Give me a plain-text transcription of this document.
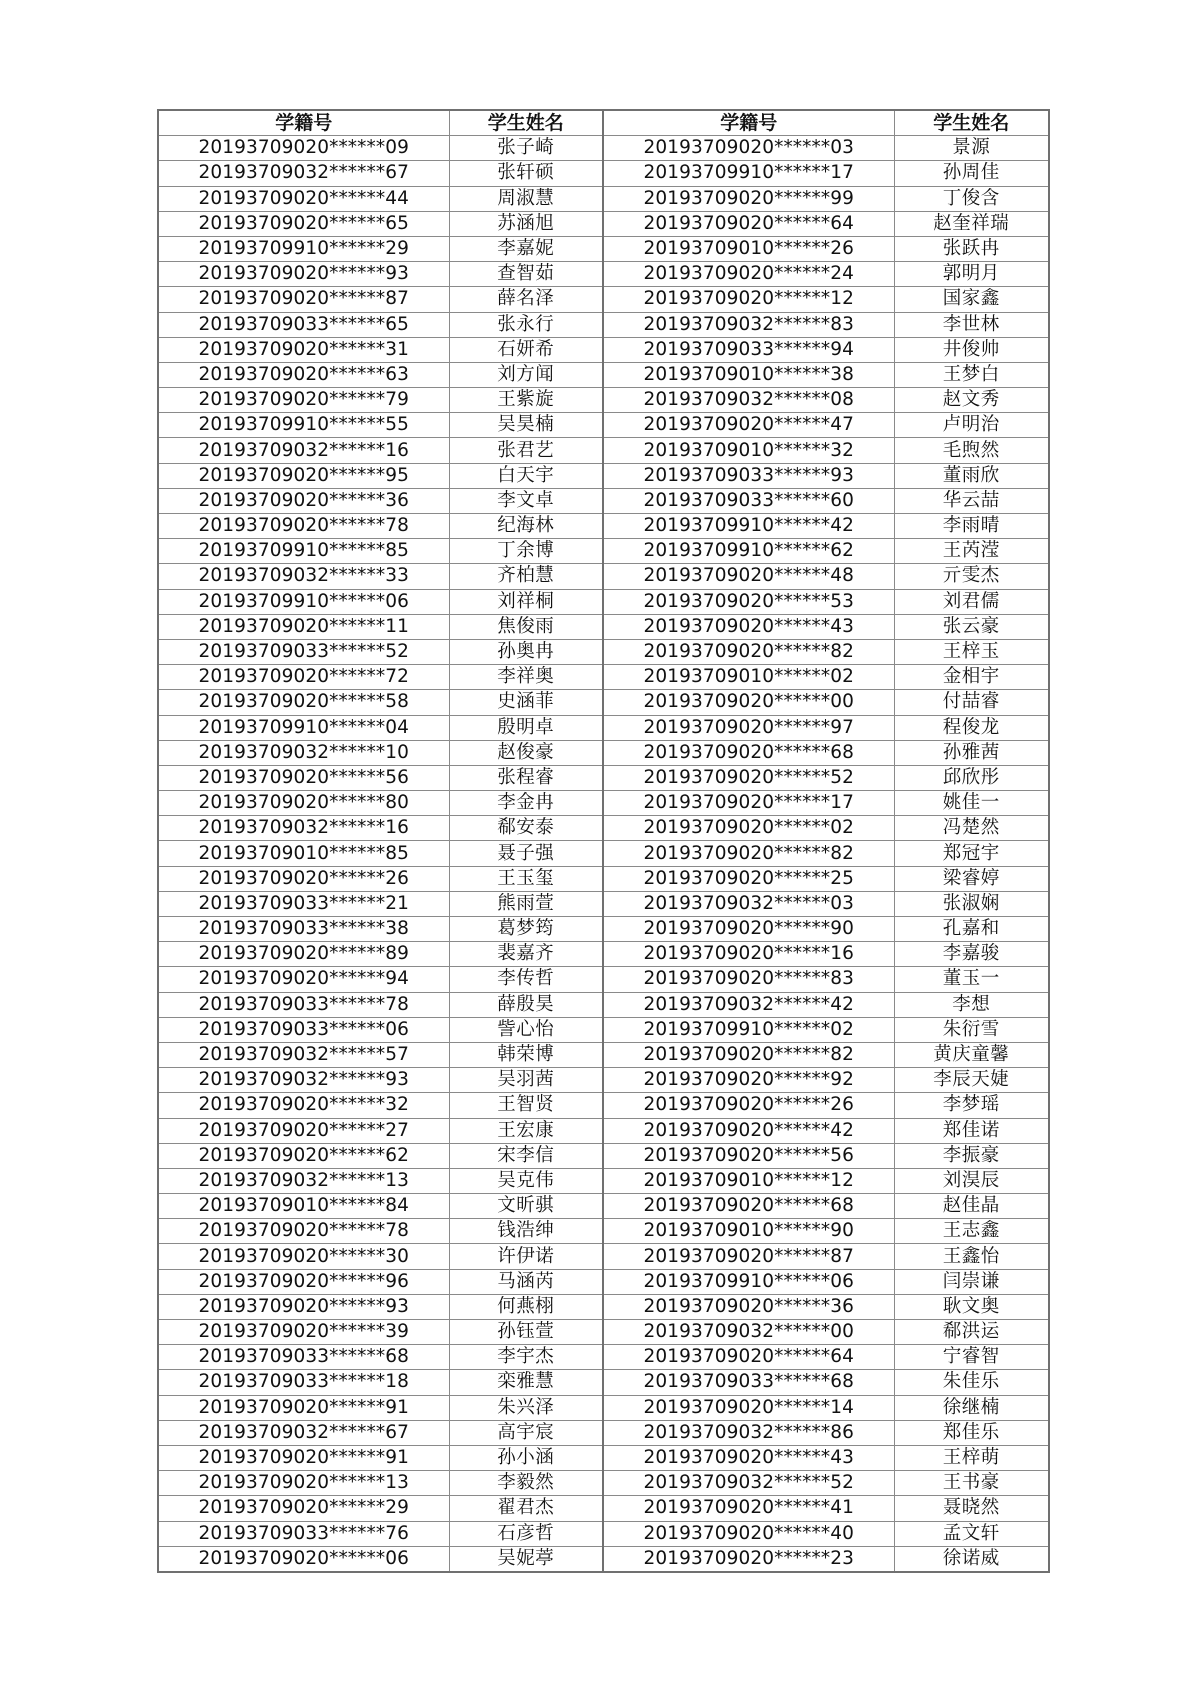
学籍号	学生姓名	学籍号	学生姓名
20193709020******09	张子崎	20193709020******03	景源
20193709032******67	张轩硕	20193709910******17	孙周佳
20193709020******44	周淑慧	20193709020******99	丁俊含
20193709020******65	苏涵旭	20193709020******64	赵奎祥瑞
20193709910******29	李嘉妮	20193709010******26	张跃冉
20193709020******93	查智茹	20193709020******24	郭明月
20193709020******87	薛名泽	20193709020******12	国家鑫
20193709033******65	张永行	20193709032******83	李世林
20193709020******31	石妍希	20193709033******94	井俊帅
20193709020******63	刘方闻	20193709010******38	王梦白
20193709020******79	王紫旋	20193709032******08	赵文秀
20193709910******55	吴昊楠	20193709020******47	卢明治
20193709032******16	张君艺	20193709010******32	毛煦然
20193709020******95	白天宇	20193709033******93	董雨欣
20193709020******36	李文卓	20193709033******60	华云喆
20193709020******78	纪海林	20193709910******42	李雨晴
20193709910******85	丁余博	20193709910******62	王芮滢
20193709032******33	齐柏慧	20193709020******48	亓雯杰
20193709910******06	刘祥桐	20193709020******53	刘君儒
20193709020******11	焦俊雨	20193709020******43	张云豪
20193709033******52	孙奥冉	20193709020******82	王梓玉
20193709020******72	李祥奥	20193709010******02	金相宇
20193709020******58	史涵菲	20193709020******00	付喆睿
20193709910******04	殷明卓	20193709020******97	程俊龙
20193709032******10	赵俊豪	20193709020******68	孙雅茜
20193709020******56	张程睿	20193709020******52	邱欣彤
20193709020******80	李金冉	20193709020******17	姚佳一
20193709032******16	郗安泰	20193709020******02	冯楚然
20193709010******85	聂子强	20193709020******82	郑冠宇
20193709020******26	王玉玺	20193709020******25	梁睿婷
20193709033******21	熊雨萱	20193709032******03	张淑娴
20193709033******38	葛梦筠	20193709020******90	孔嘉和
20193709020******89	裴嘉齐	20193709020******16	李嘉骏
20193709020******94	李传哲	20193709020******83	董玉一
20193709033******78	薛殷昊	20193709032******42	李想
20193709033******06	訾心怡	20193709910******02	朱衍雪
20193709032******57	韩荣博	20193709020******82	黄庆童馨
20193709032******93	吴羽茜	20193709020******92	李辰天婕
20193709020******32	王智贤	20193709020******26	李梦瑶
20193709020******27	王宏康	20193709020******42	郑佳诺
20193709020******62	宋李信	20193709020******56	李振豪
20193709032******13	吴克伟	20193709010******12	刘淏辰
20193709010******84	文昕骐	20193709020******68	赵佳晶
20193709020******78	钱浩绅	20193709010******90	王志鑫
20193709020******30	许伊诺	20193709020******87	王鑫怡
20193709020******96	马涵芮	20193709910******06	闫崇谦
20193709020******93	何燕栩	20193709020******36	耿文奥
20193709020******39	孙钰萱	20193709032******00	郗洪运
20193709033******68	李宇杰	20193709020******64	宁睿智
20193709033******18	栾雅慧	20193709033******68	朱佳乐
20193709020******91	朱兴泽	20193709020******14	徐继楠
20193709032******67	高宇宸	20193709032******86	郑佳乐
20193709020******91	孙小涵	20193709020******43	王梓萌
20193709020******13	李毅然	20193709032******52	王书豪
20193709020******29	翟君杰	20193709020******41	聂晓然
20193709033******76	石彦哲	20193709020******40	孟文轩
20193709020******06	吴妮葶	20193709020******23	徐诺威
